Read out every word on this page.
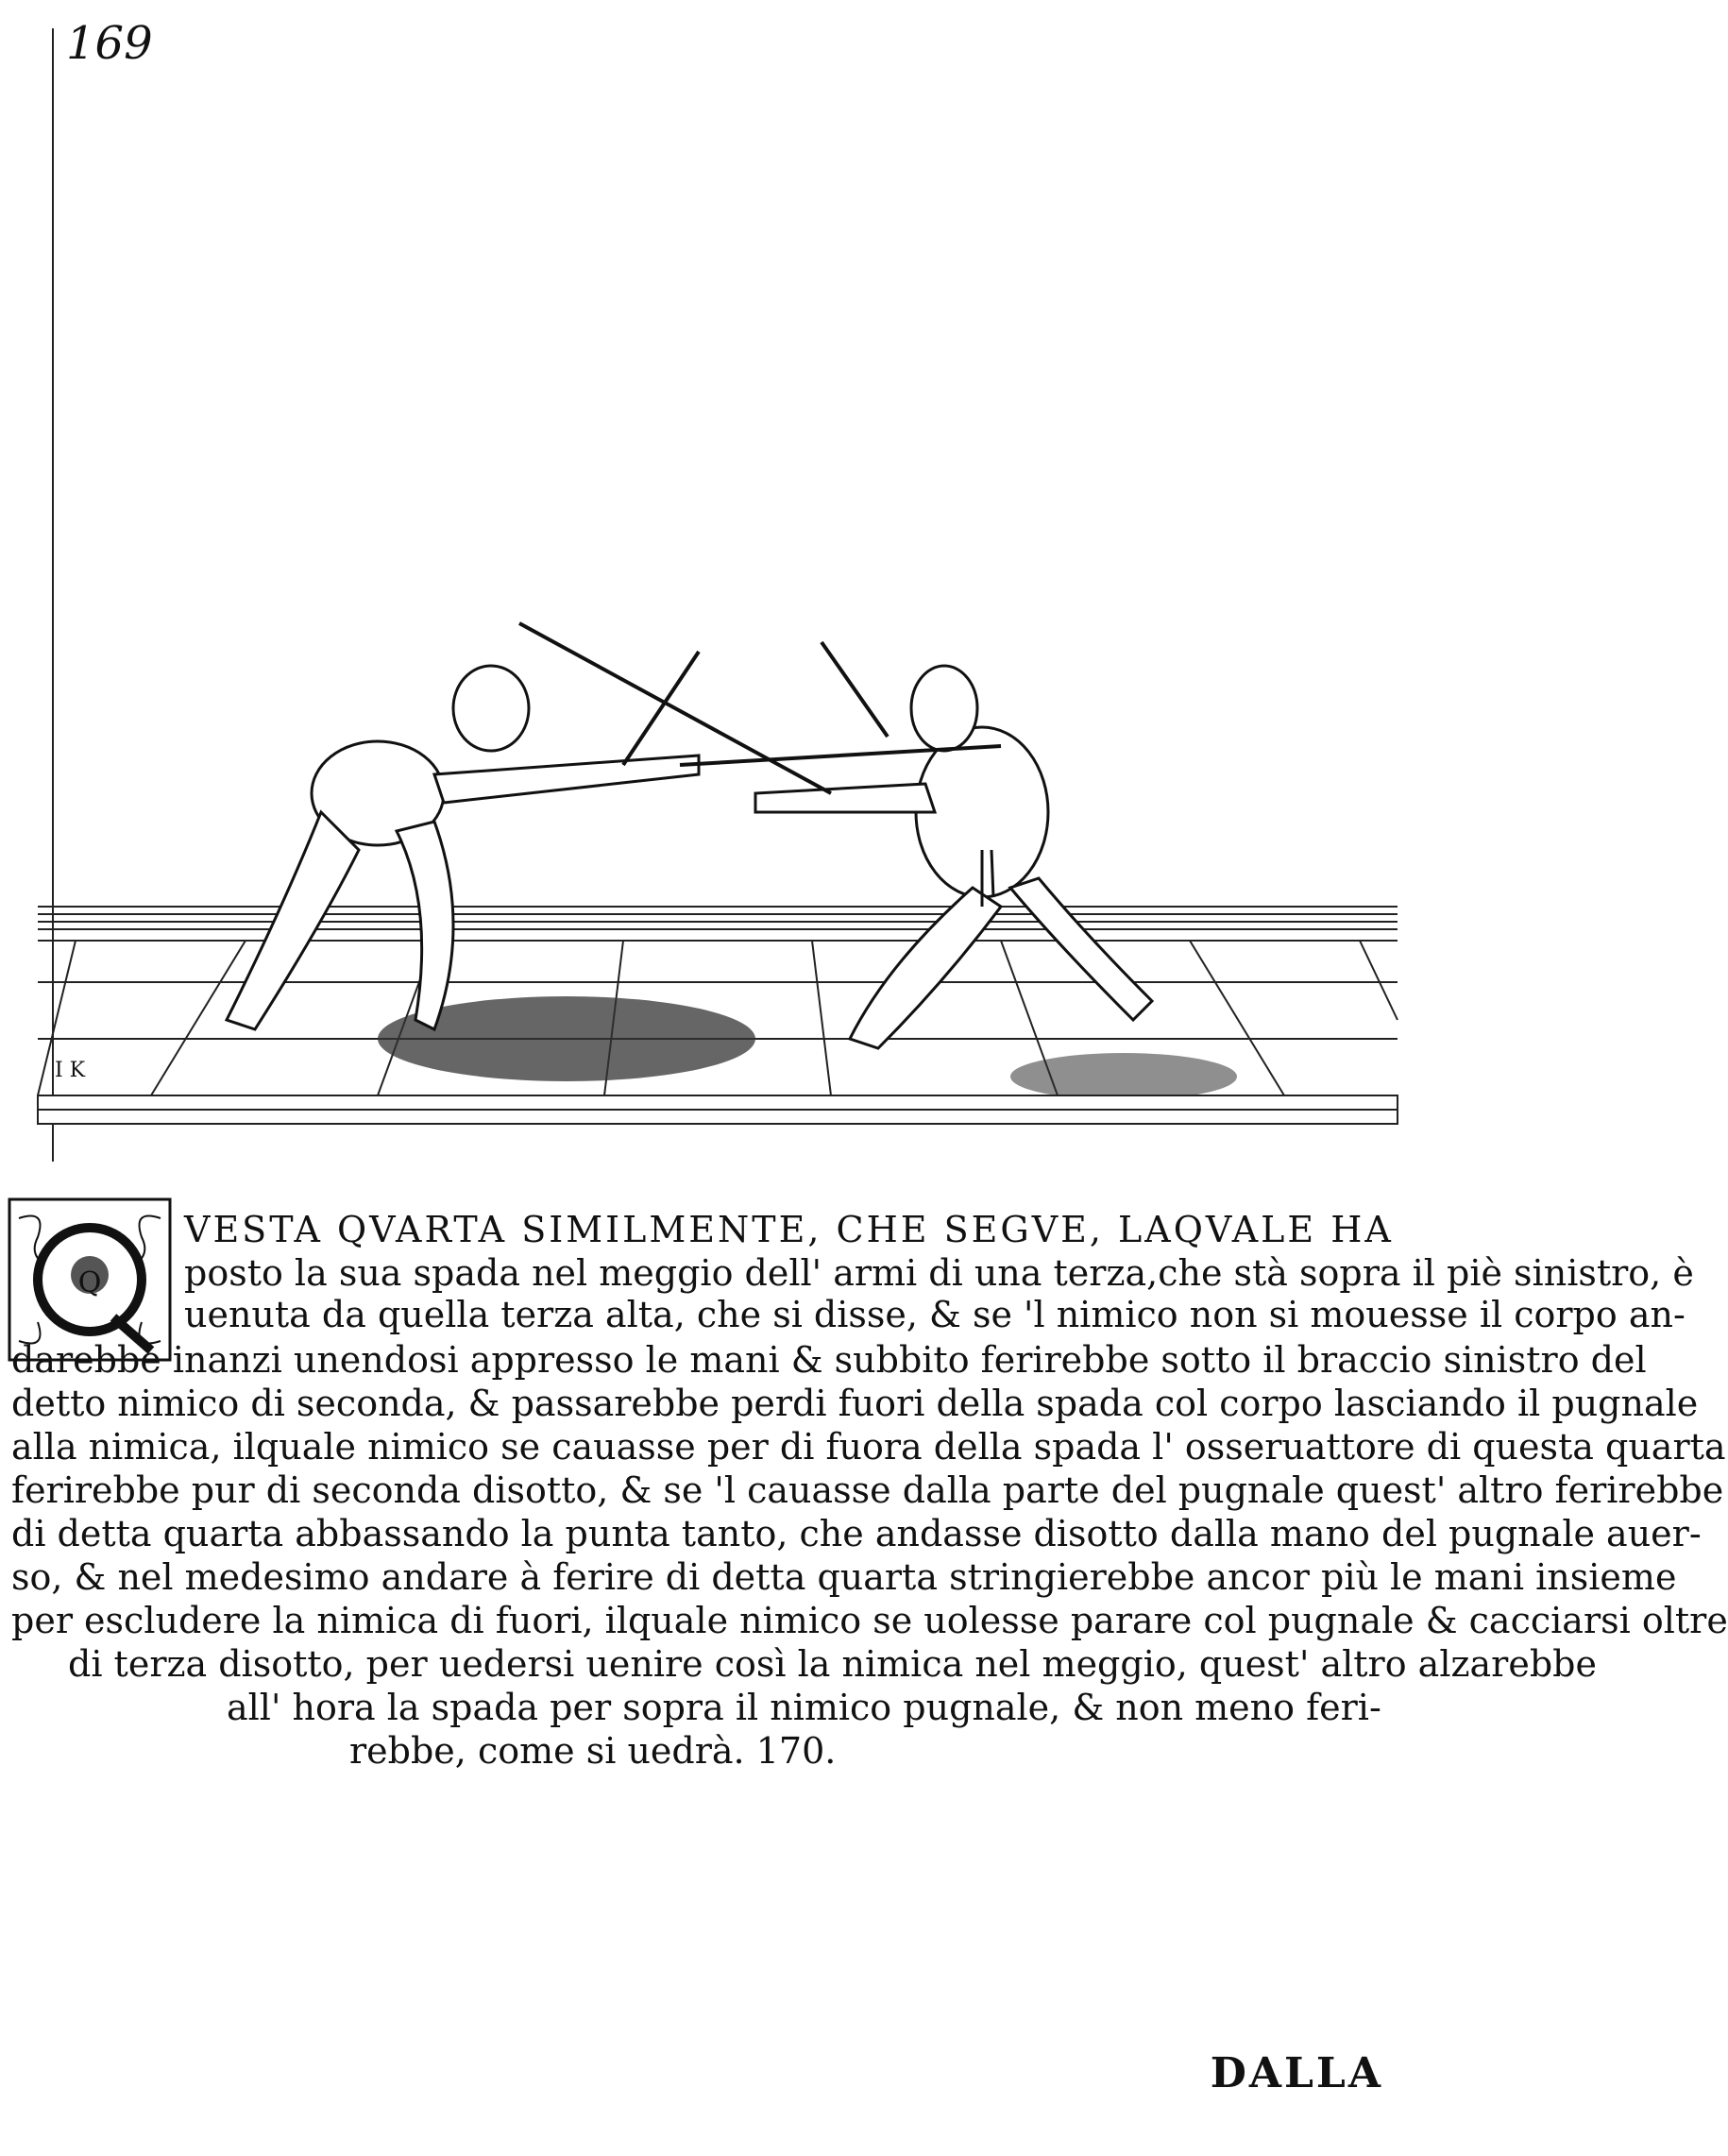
169
I K
Q
VESTA QVARTA SIMILMENTE, CHE SEGVE, LAQVALE HA
posto la sua spada nel meggio dell' armi di una terza,che stà sopra il piè sinistro, è
uenuta da quella terza alta, che si disse, & se 'l nimico non si mouesse il corpo an-
darebbe inanzi unendosi appresso le mani & subbito ferirebbe sotto il braccio sinistro del
detto nimico di seconda, & passarebbe perdi fuori della spada col corpo lasciando il pugnale
alla nimica, ilquale nimico se cauasse per di fuora della spada l' osseruattore di questa quarta
ferirebbe pur di seconda disotto, & se 'l cauasse dalla parte del pugnale quest' altro ferirebbe
di detta quarta abbassando la punta tanto, che andasse disotto dalla mano del pugnale auer-
so, & nel medesimo andare à ferire di detta quarta stringierebbe ancor più le mani insieme
per escludere la nimica di fuori, ilquale nimico se uolesse parare col pugnale & cacciarsi oltre
di terza disotto, per uedersi uenire così la nimica nel meggio, quest' altro alzarebbe
all' hora la spada per sopra il nimico pugnale, & non meno feri-
rebbe, come si uedrà. 170.
DALLA
